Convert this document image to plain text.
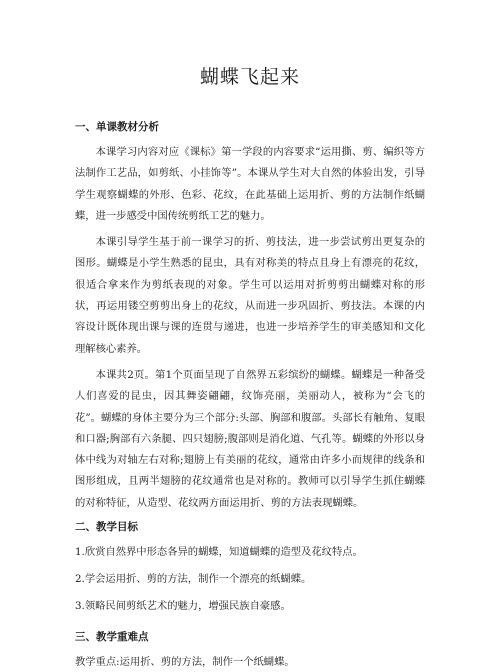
蝴蝶飞起来
一、单课教材分析

本课学习内容对应《课标》第一学段的内容要求“运用撕、剪、编织等方法制作工艺品，如剪纸、小挂饰等”。本课从学生对大自然的体验出发，引导学生观察蝴蝶的外形、色彩、花纹，在此基础上运用折、剪的方法制作纸蝴蝶，进一步感受中国传统剪纸工艺的魅力。

本课引导学生基于前一课学习的折、剪技法，进一步尝试剪出更复杂的图形。蝴蝶是小学生熟悉的昆虫，具有对称美的特点且身上有漂亮的花纹，很适合拿来作为剪纸表现的对象。学生可以运用对折剪剪出蝴蝶对称的形状，再运用镂空剪剪出身上的花纹，从而进一步巩固折、剪技法。本课的内容设计既体现出课与课的连贯与递进，也进一步培养学生的审美感知和文化理解核心素养。

本课共2页。第1个页面呈现了自然界五彩缤纷的蝴蝶。蝴蝶是一种备受人们喜爱的昆虫，因其舞姿翩翩，纹饰亮丽，美丽动人，被称为“会飞的花”。蝴蝶的身体主要分为三个部分:头部、胸部和腹部。头部长有触角、复眼和口器;胸部有六条腿、四只翅膀;腹部则是消化道、气孔等。蝴蝶的外形以身体中线为对轴左右对称;翅膀上有美丽的花纹，通常由许多小而规律的线条和图形组成，且两半翅膀的花纹通常也是对称的。教师可以引导学生抓住蝴蝶的对称特征，从造型、花纹两方面运用折、剪的方法表现蝴蝶。

二、教学目标

1.欣赏自然界中形态各异的蝴蝶，知道蝴蝶的造型及花纹特点。

2.学会运用折、剪的方法，制作一个漂亮的纸蝴蝶。

3.领略民间剪纸艺术的魅力，增强民族自豪感。

三、教学重难点

教学重点:运用折、剪的方法，制作一个纸蝴蝶。
